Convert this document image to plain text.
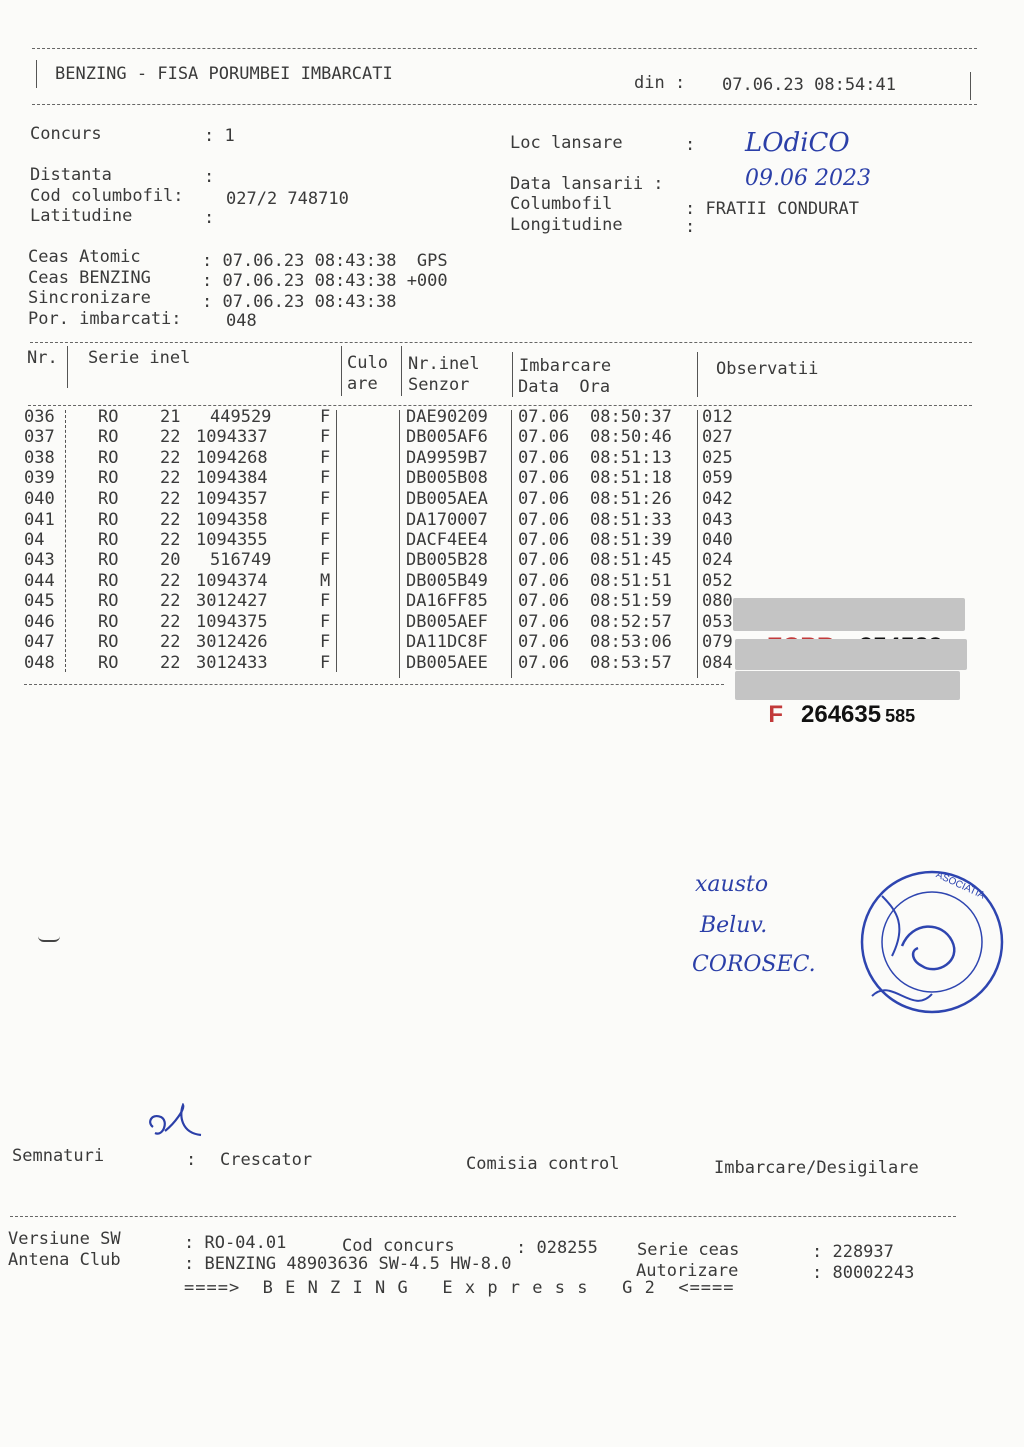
BENZING - FISA PORUMBEI IMBARCATI	din : 07.06.23 08:54:41
Concurs	: 1
Distanta	:
Cod columbofil: 027/2 748710
Latitudine	:
Loc lansare	:
Data lansarii :
Columbofil	: FRATII CONDURAT
Longitudine	:
LOdiCO
09.06 2023
Ceas Atomic	: 07.06.23 08:43:38  GPS
Ceas BENZING	: 07.06.23 08:43:38 +000
Sincronizare	: 07.06.23 08:43:38
Por. imbarcati:	048
Nr. Serie inel	Culo
are
Nr.inel
Senzor
Imbarcare
Data  Ora
Observatii
036	RO 21 449529	F	DAE90209 07.06 08:50:37 012
037	RO 22 1094337	F	DB005AF6 07.06 08:50:46 027
038	RO 22 1094268	F	DA9959B7 07.06 08:51:13 025
039	RO 22 1094384	F	DB005B08 07.06 08:51:18 059
040	RO 22 1094357	F	DB005AEA 07.06 08:51:26 042
041	RO 22 1094358	F	DA170007 07.06 08:51:33 043
04	RO 22 1094355	F	DACF4EE4 07.06 08:51:39 040
043	RO 20 516749	F	DB005B28 07.06 08:51:45 024
044	RO 22 1094374	M	DB005B49 07.06 08:51:51 052
045	RO 22 3012427	F	DA16FF85 07.06 08:51:59 080
046	RO 22 1094375	F	DB005AEF 07.06 08:52:57 053
047	RO 22 3012426	F	DA11DC8F 07.06 08:53:06 079
048	RO 22 3012433	F	DB005AEE 07.06 08:53:57 084

F 264635 585

xausto
Beluv.
COROSEC.
ASOCIATIA
Semnaturi	: Crescator	Comisia control	Imbarcare/Desigilare
Versiune SW	: RO-04.01
Antena Club	: BENZING 48903636 SW-4.5 HW-8.0
Cod concurs	: 028255 Serie ceas	: 228937
Autorizare	: 80002243
====>  B E N Z I N G   E x p r e s s   G 2  <====
